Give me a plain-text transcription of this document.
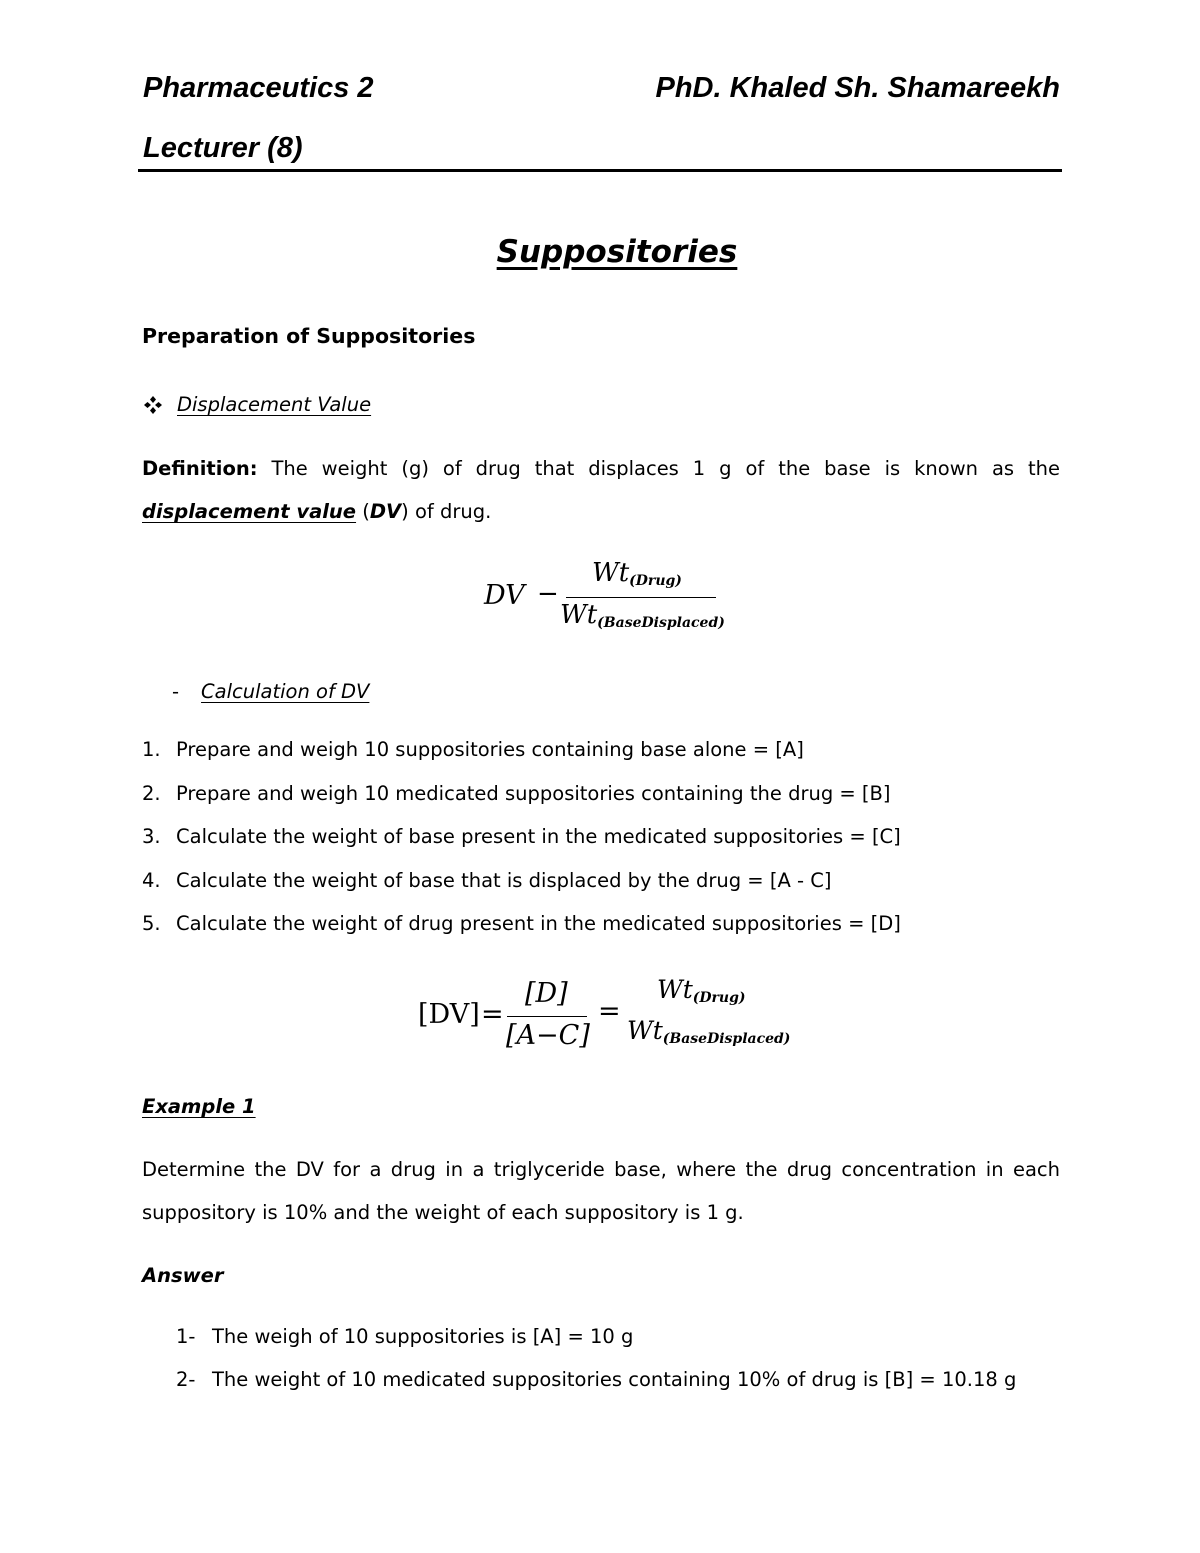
Pharmaceutics 2	PhD. Khaled Sh. Shamareekh
Lecturer (8)
Suppositories
Preparation of Suppositories
Displacement Value
Definition: The weight (g) of drug that displaces 1 g of the base is known as the displacement value (DV) of drug.
DV −
$Wt_{(Drug)}$
$Wt_{(BaseDisplaced)}$
- Calculation of DV
1. Prepare and weigh 10 suppositories containing base alone = [A]
2. Prepare and weigh 10 medicated suppositories containing the drug = [B]
3. Calculate the weight of base present in the medicated suppositories = [C]
4. Calculate the weight of base that is displaced by the drug = [A - C]
5. Calculate the weight of drug present in the medicated suppositories = [D]
[DV] =
[D]
[A−C]
=
$Wt_{(Drug)}$
$Wt_{(BaseDisplaced)}$
Example 1
Determine the DV for a drug in a triglyceride base, where the drug concentration in each suppository is 10% and the weight of each suppository is 1 g.
Answer
1- The weigh of 10 suppositories is [A] = 10 g
2- The weight of 10 medicated suppositories containing 10% of drug is [B] = 10.18 g
